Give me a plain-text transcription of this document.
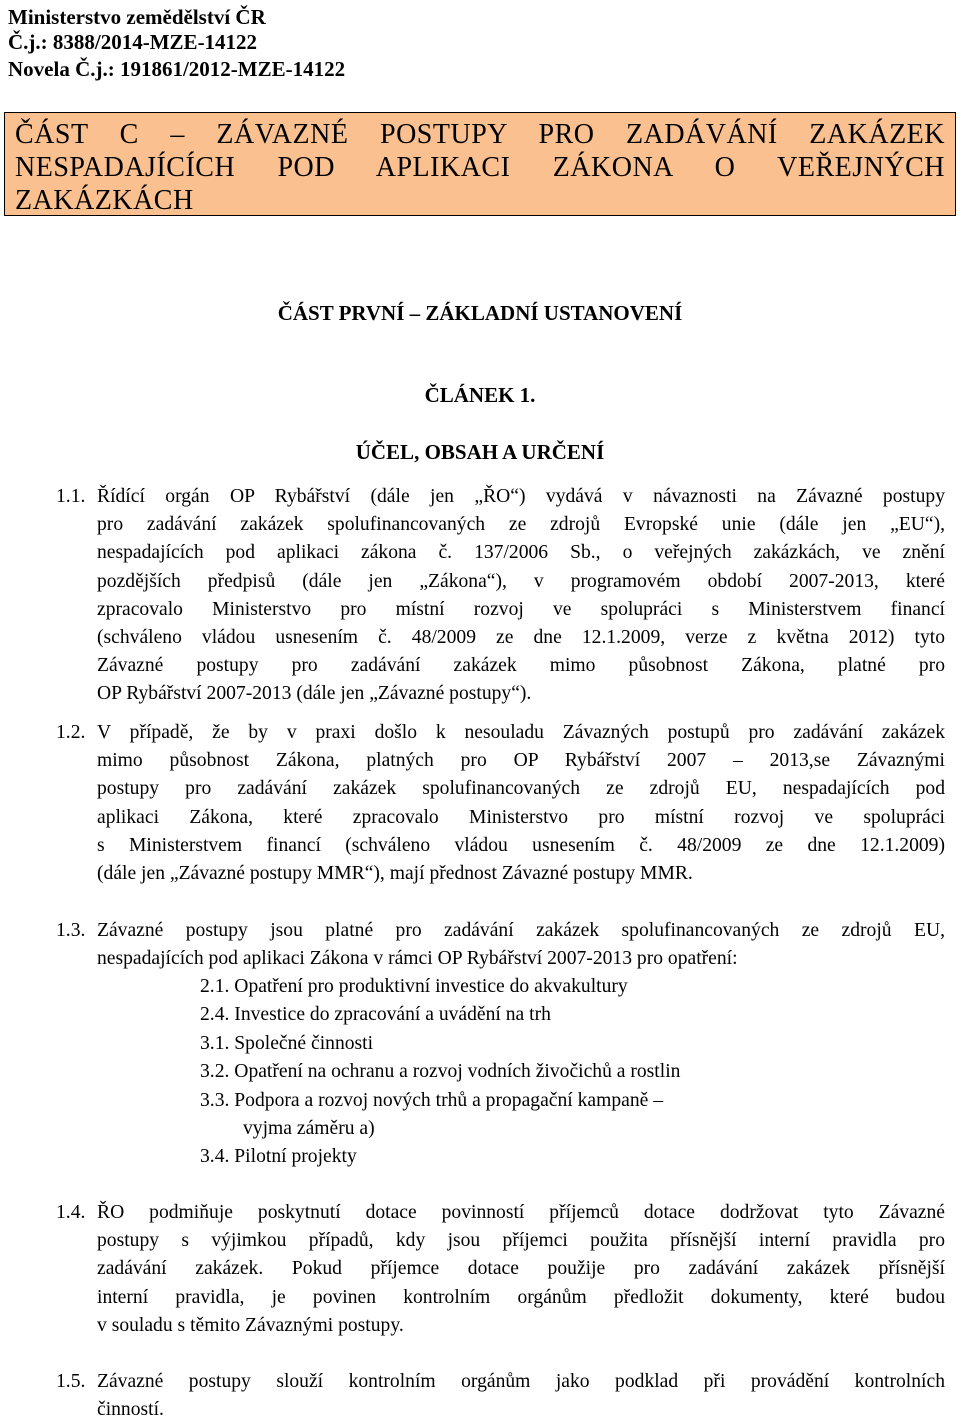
Ministerstvo zemědělství ČR
Č.j.: 8388/2014-MZE-14122
Novela Č.j.: 191861/2012-MZE-14122
ČÁST C – ZÁVAZNÉ POSTUPY PRO ZADÁVÁNÍ ZAKÁZEK
NESPADAJÍCÍCH POD APLIKACI ZÁKONA O VEŘEJNÝCH
ZAKÁZKÁCH
ČÁST PRVNÍ – ZÁKLADNÍ USTANOVENÍ
ČLÁNEK 1.
ÚČEL, OBSAH A URČENÍ
1.1. Řídící orgán OP Rybářství (dále jen „ŘO“) vydává v návaznosti na Závazné postupy
pro zadávání zakázek spolufinancovaných ze zdrojů Evropské unie (dále jen „EU“),
nespadajících pod aplikaci zákona č. 137/2006 Sb., o veřejných zakázkách, ve znění
pozdějších předpisů (dále jen „Zákona“), v programovém období 2007-2013, které
zpracovalo Ministerstvo pro místní rozvoj ve spolupráci s Ministerstvem financí
(schváleno vládou usnesením č. 48/2009 ze dne 12.1.2009, verze z května 2012) tyto
Závazné postupy pro zadávání zakázek mimo působnost Zákona, platné pro
OP Rybářství 2007-2013 (dále jen „Závazné postupy“).
1.2. V případě, že by v praxi došlo k nesouladu Závazných postupů pro zadávání zakázek
mimo působnost Zákona, platných pro OP Rybářství 2007 – 2013,se Závaznými
postupy pro zadávání zakázek spolufinancovaných ze zdrojů EU, nespadajících pod
aplikaci Zákona, které zpracovalo Ministerstvo pro místní rozvoj ve spolupráci
s Ministerstvem financí (schváleno vládou usnesením č. 48/2009 ze dne 12.1.2009)
(dále jen „Závazné postupy MMR“), mají přednost Závazné postupy MMR.
1.3. Závazné postupy jsou platné pro zadávání zakázek spolufinancovaných ze zdrojů EU,
nespadajících pod aplikaci Zákona v rámci OP Rybářství 2007-2013 pro opatření:
2.1. Opatření pro produktivní investice do akvakultury
2.4. Investice do zpracování a uvádění na trh
3.1. Společné činnosti
3.2. Opatření na ochranu a rozvoj vodních živočichů a rostlin
3.3. Podpora a rozvoj nových trhů a propagační kampaně –
vyjma záměru a)
3.4. Pilotní projekty
1.4. ŘO podmiňuje poskytnutí dotace povinností příjemců dotace dodržovat tyto Závazné
postupy s výjimkou případů, kdy jsou příjemci použita přísnější interní pravidla pro
zadávání zakázek. Pokud příjemce dotace použije pro zadávání zakázek přísnější
interní pravidla, je povinen kontrolním orgánům předložit dokumenty, které budou
v souladu s těmito Závaznými postupy.
1.5. Závazné postupy slouží kontrolním orgánům jako podklad při provádění kontrolních
činností.
